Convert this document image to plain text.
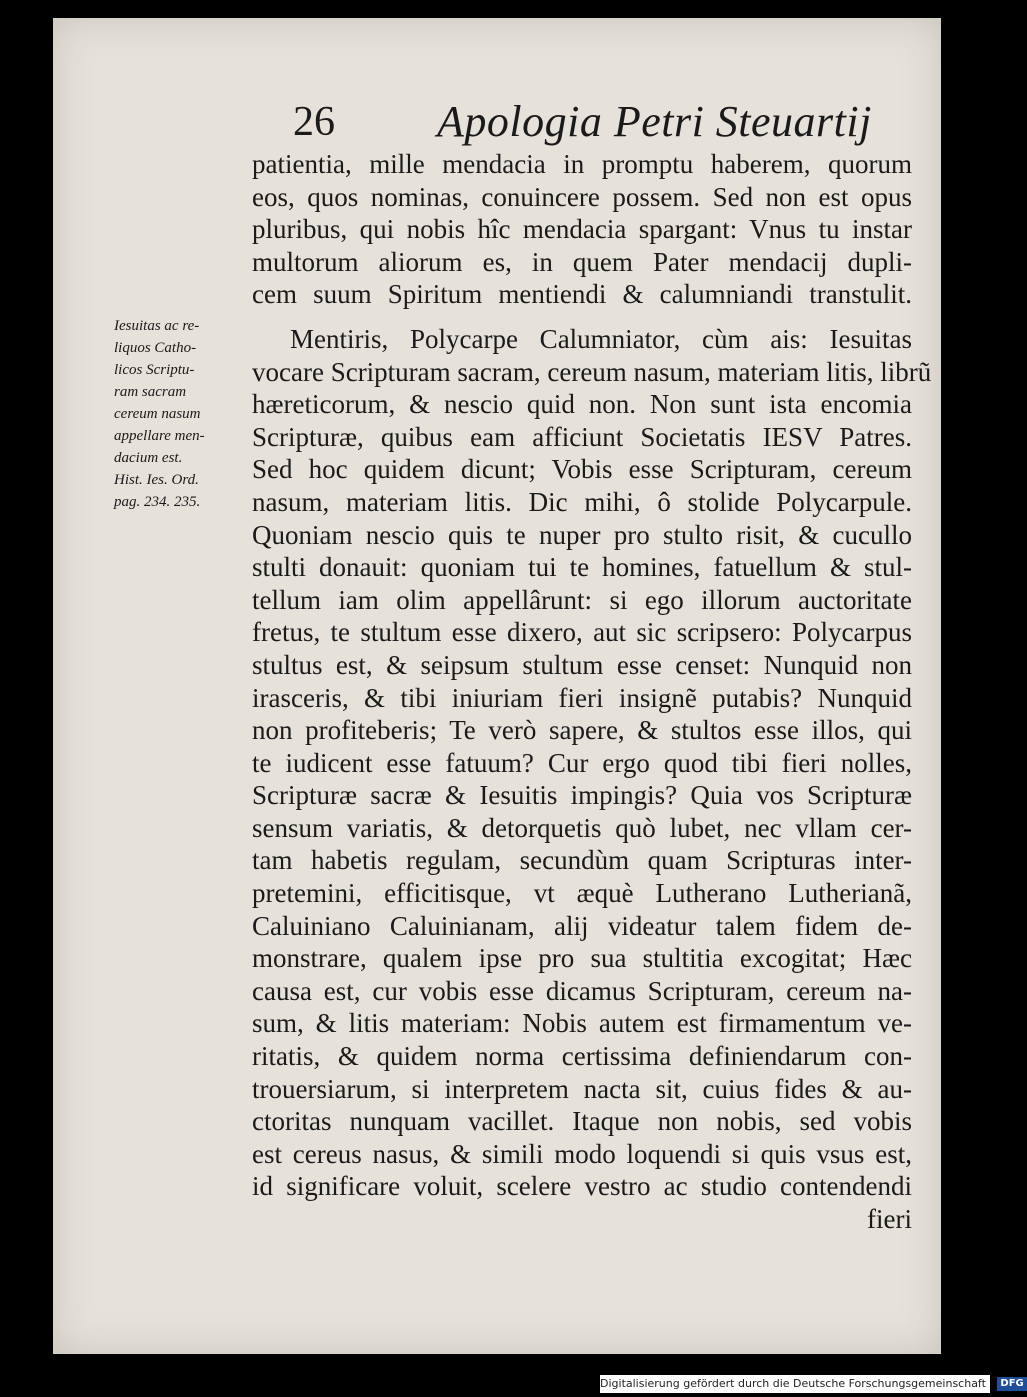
26 Apologia Petri Steuartij
Iesuitas ac re-
liquos Catho-
licos Scriptu-
ram sacram
cereum nasum
appellare men-
dacium est.
Hist. Ies. Ord.
pag. 234. 235.
patientia, mille mendacia in promptu haberem, quorum
eos, quos nominas, conuincere possem. Sed non est opus
pluribus, qui nobis hîc mendacia spargant: Vnus tu instar
multorum aliorum es, in quem Pater mendacij dupli-
cem suum Spiritum mentiendi & calumniandi transtulit.
Mentiris, Polycarpe Calumniator, cùm ais: Iesuitas
vocare Scripturam sacram, cereum nasum, materiam litis, librũ
hæreticorum, & nescio quid non. Non sunt ista encomia
Scripturæ, quibus eam afficiunt Societatis IESV Patres.
Sed hoc quidem dicunt; Vobis esse Scripturam, cereum
nasum, materiam litis. Dic mihi, ô stolide Polycarpule.
Quoniam nescio quis te nuper pro stulto risit, & cucullo
stulti donauit: quoniam tui te homines, fatuellum & stul-
tellum iam olim appellârunt: si ego illorum auctoritate
fretus, te stultum esse dixero, aut sic scripsero: Polycarpus
stultus est, & seipsum stultum esse censet: Nunquid non
irasceris, & tibi iniuriam fieri insignẽ putabis? Nunquid
non profiteberis; Te verò sapere, & stultos esse illos, qui
te iudicent esse fatuum? Cur ergo quod tibi fieri nolles,
Scripturæ sacræ & Iesuitis impingis? Quia vos Scripturæ
sensum variatis, & detorquetis quò lubet, nec vllam cer-
tam habetis regulam, secundùm quam Scripturas inter-
pretemini, efficitisque, vt æquè Lutherano Lutherianã,
Caluiniano Caluinianam, alij videatur talem fidem de-
monstrare, qualem ipse pro sua stultitia excogitat; Hæc
causa est, cur vobis esse dicamus Scripturam, cereum na-
sum, & litis materiam: Nobis autem est firmamentum ve-
ritatis, & quidem norma certissima definiendarum con-
trouersiarum, si interpretem nacta sit, cuius fides & au-
ctoritas nunquam vacillet. Itaque non nobis, sed vobis
est cereus nasus, & simili modo loquendi si quis vsus est,
id significare voluit, scelere vestro ac studio contendendi
fieri
Digitalisierung gefördert durch die Deutsche Forschungsgemeinschaft - DFG
